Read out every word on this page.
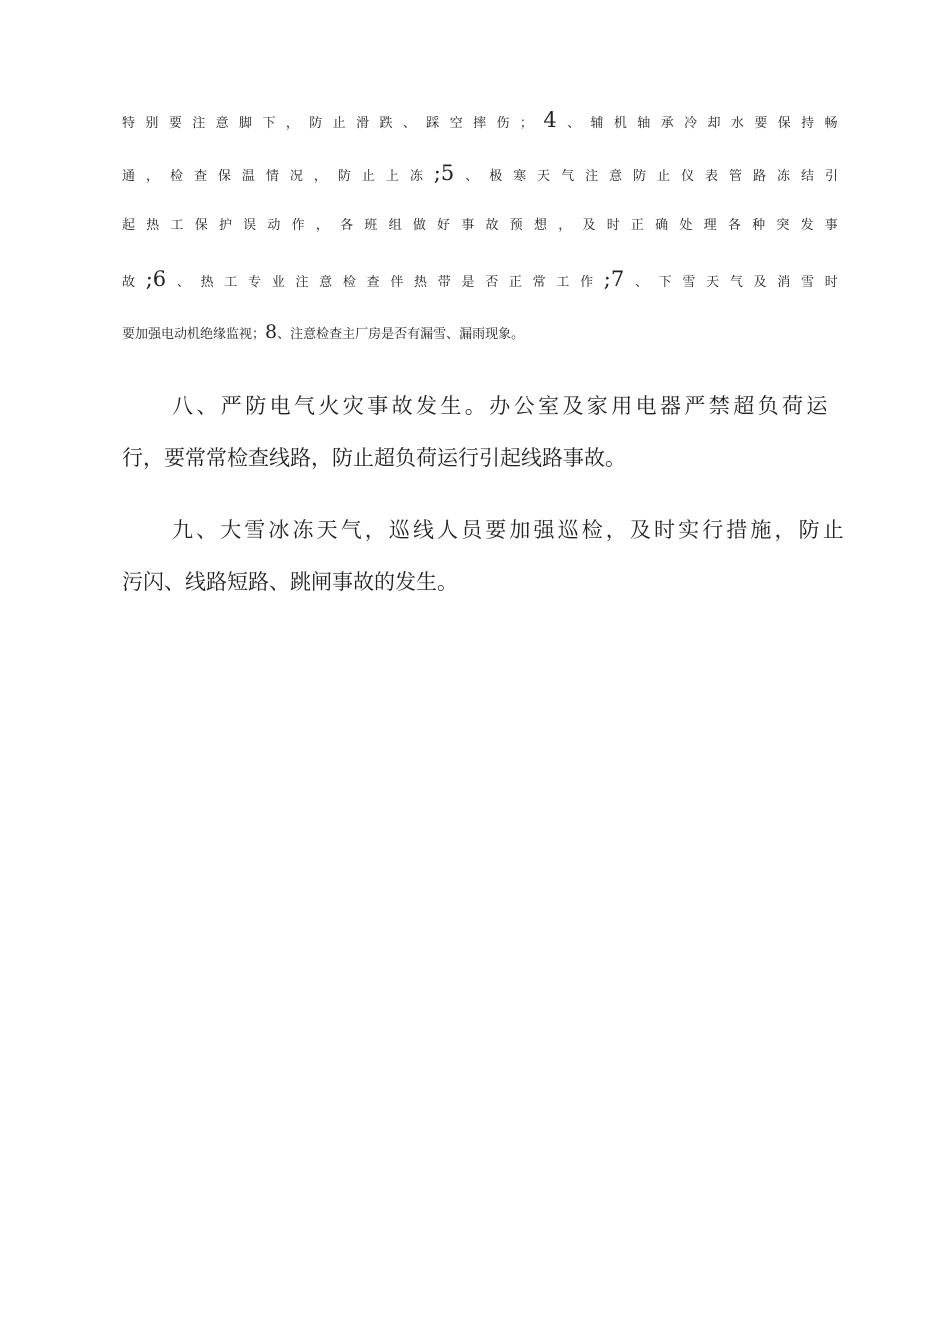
特 别 要 注 意 脚 下 ， 防 止 滑 跌 、 踩 空 摔 伤 ； 4 、 辅 机 轴 承 冷 却 水 要 保 持 畅
通 ， 检 查 保 温 情 况 ， 防 止 上 冻 ;5 、 极 寒 天 气 注 意 防 止 仪 表 管 路 冻 结 引
起 热 工 保 护 误 动 作 ， 各 班 组 做 好 事 故 预 想 ， 及 时 正 确 处 理 各 种 突 发 事
故 ;6 、 热 工 专 业 注 意 检 查 伴 热 带 是 否 正 常 工 作 ;7 、 下 雪 天 气 及 消 雪 时
要加强电动机绝缘监视；8、注意检查主厂房是否有漏雪、漏雨现象。
八、严防电气火灾事故发生。办公室及家用电器严禁超负荷运
行，要常常检查线路，防止超负荷运行引起线路事故。
九、大雪冰冻天气，巡线人员要加强巡检，及时实行措施，防止
污闪、线路短路、跳闸事故的发生。
